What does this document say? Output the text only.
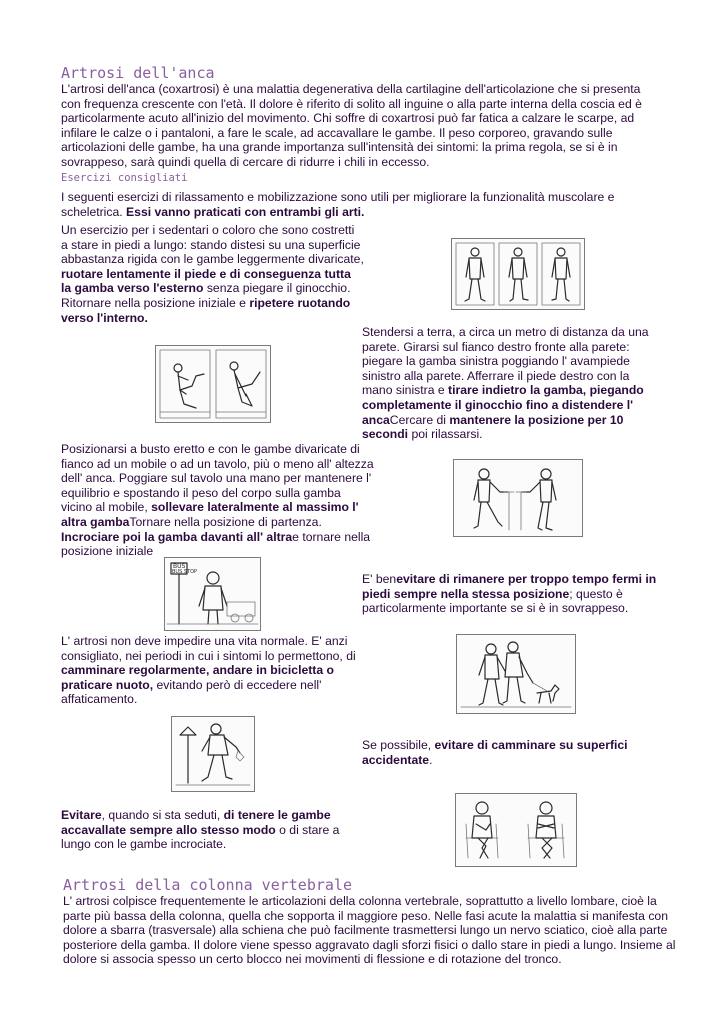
Artrosi dell'anca
L'artrosi dell'anca (coxartrosi) è una malattia degenerativa della cartilagine dell'articolazione che si presenta con frequenza crescente con l'età. Il dolore è riferito di solito all inguine o alla parte interna della coscia ed è particolarmente acuto all'inizio del movimento. Chi soffre di coxartrosi può far fatica a calzare le scarpe, ad infilare le calze o i pantaloni, a fare le scale, ad accavallare le gambe. Il peso corporeo, gravando sulle articolazioni delle gambe, ha una grande importanza sull'intensità dei sintomi: la prima regola, se si è in sovrappeso, sarà quindi quella di cercare di ridurre i chili in eccesso.
Esercizi consigliati
I seguenti esercizi di rilassamento e mobilizzazione sono utili per migliorare la funzionalità muscolare e scheletrica. Essi vanno praticati con entrambi gli arti.
Un esercizio per i sedentari o coloro che sono costretti a stare in piedi a lungo: stando distesi su una superficie abbastanza rigida con le gambe leggermente divaricate, ruotare lentamente il piede e di conseguenza tutta la gamba verso l'esterno senza piegare il ginocchio. Ritornare nella posizione iniziale e ripetere ruotando verso l'interno.
Stendersi a terra, a circa un metro di distanza da una parete. Girarsi sul fianco destro fronte alla parete: piegare la gamba sinistra poggiando l' avampiede sinistro alla parete. Afferrare il piede destro con la mano sinistra e tirare indietro la gamba, piegando completamente il ginocchio fino a distendere l' ancaCercare di mantenere la posizione per 10 secondi poi rilassarsi.
Posizionarsi a busto eretto e con le gambe divaricate di fianco ad un mobile o ad un tavolo, più o meno all' altezza dell' anca. Poggiare sul tavolo una mano per mantenere l' equilibrio e spostando il peso del corpo sulla gamba vicino al mobile, sollevare lateralmente al massimo l' altra gambaTornare nella posizione di partenza. Incrociare poi la gamba davanti all' altrae tornare nella posizione iniziale
BUS
BUS STOP	E' benevitare di rimanere per troppo tempo fermi in piedi sempre nella stessa posizione; questo è particolarmente importante se si è in sovrappeso.
L' artrosi non deve impedire una vita normale. E' anzi consigliato, nei periodi in cui i sintomi lo permettono, di camminare regolarmente, andare in bicicletta o praticare nuoto, evitando però di eccedere nell' affaticamento.
Se possibile, evitare di camminare su superfici accidentate.
Evitare, quando si sta seduti, di tenere le gambe accavallate sempre allo stesso modo o di stare a lungo con le gambe incrociate.
Artrosi della colonna vertebrale
L' artrosi colpisce frequentemente le articolazioni della colonna vertebrale, soprattutto a livello lombare, cioè la parte più bassa della colonna, quella che sopporta il maggiore peso. Nelle fasi acute la malattia si manifesta con dolore a sbarra (trasversale) alla schiena che può facilmente trasmettersi lungo un nervo sciatico, cioè alla parte posteriore della gamba. Il dolore viene spesso aggravato dagli sforzi fisici o dallo stare in piedi a lungo. Insieme al dolore si associa spesso un certo blocco nei movimenti di flessione e di rotazione del tronco.
